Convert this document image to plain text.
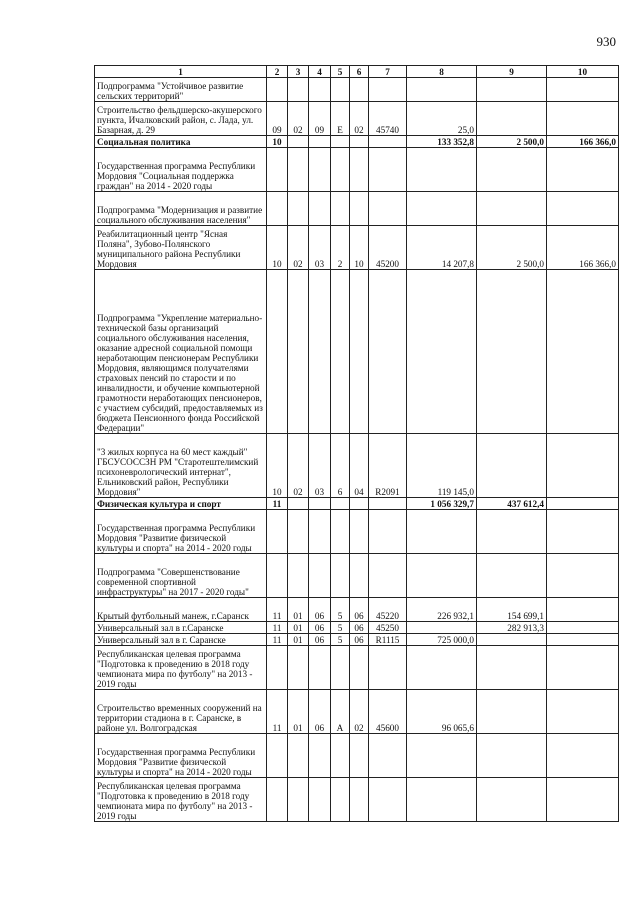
930
1	2	3	4	5	6	7	8	9	10
Подпрограмма "Устойчивое развитие сельских территорий"									
Строительство фельдшерско-акушерского пункта, Ичалковский район, с. Лада, ул. Базарная, д. 29	09	02	09	Е	02	45740	25,0		
Социальная политика	10						133 352,8	2 500,0	166 366,0
Государственная программа Республики Мордовия "Социальная поддержка граждан" на 2014 - 2020 годы									
Подпрограмма "Модернизация и развитие социального обслуживания населения"									
Реабилитационный центр "Ясная Поляна", Зубово-Полянского муниципального района Республики Мордовия	10	02	03	2	10	45200	14 207,8	2 500,0	166 366,0
Подпрограмма "Укрепление материально-технической базы организаций социального обслуживания населения, оказание адресной социальной помощи неработающим пенсионерам Республики Мордовия, являющимся получателями страховых пенсий по старости и по инвалидности, и обучение компьютерной грамотности неработающих пенсионеров, с участием субсидий, предоставляемых из бюджета Пенсионного фонда Российской Федерации"									
"3 жилых корпуса на 60 мест каждый" ГБСУСОССЗН РМ "Старотештелимский психоневрологический интернат", Ельниковский район, Республики Мордовия"	10	02	03	6	04	R2091	119 145,0		
Физическая культура и спорт	11						1 056 329,7	437 612,4	
Государственная программа Республики Мордовия "Развитие физической культуры и спорта" на 2014 - 2020 годы									
Подпрограмма "Совершенствование современной спортивной инфраструктуры" на 2017 - 2020 годы"									
Крытый футбольный манеж, г.Саранск	11	01	06	5	06	45220	226 932,1	154 699,1	
Универсальный зал в г.Саранске	11	01	06	5	06	45250		282 913,3	
Универсальный зал в г. Саранске	11	01	06	5	06	R1115	725 000,0		
Республиканская целевая программа "Подготовка к проведению в 2018 году чемпионата мира по футболу" на 2013 - 2019 годы									
Строительство временных сооружений на территории стадиона в г. Саранске, в районе ул. Волгоградская	11	01	06	А	02	45600	96 065,6		
Государственная программа Республики Мордовия "Развитие физической культуры и спорта" на 2014 - 2020 годы									
Республиканская целевая программа "Подготовка к проведению в 2018 году чемпионата мира по футболу" на 2013 - 2019 годы									
